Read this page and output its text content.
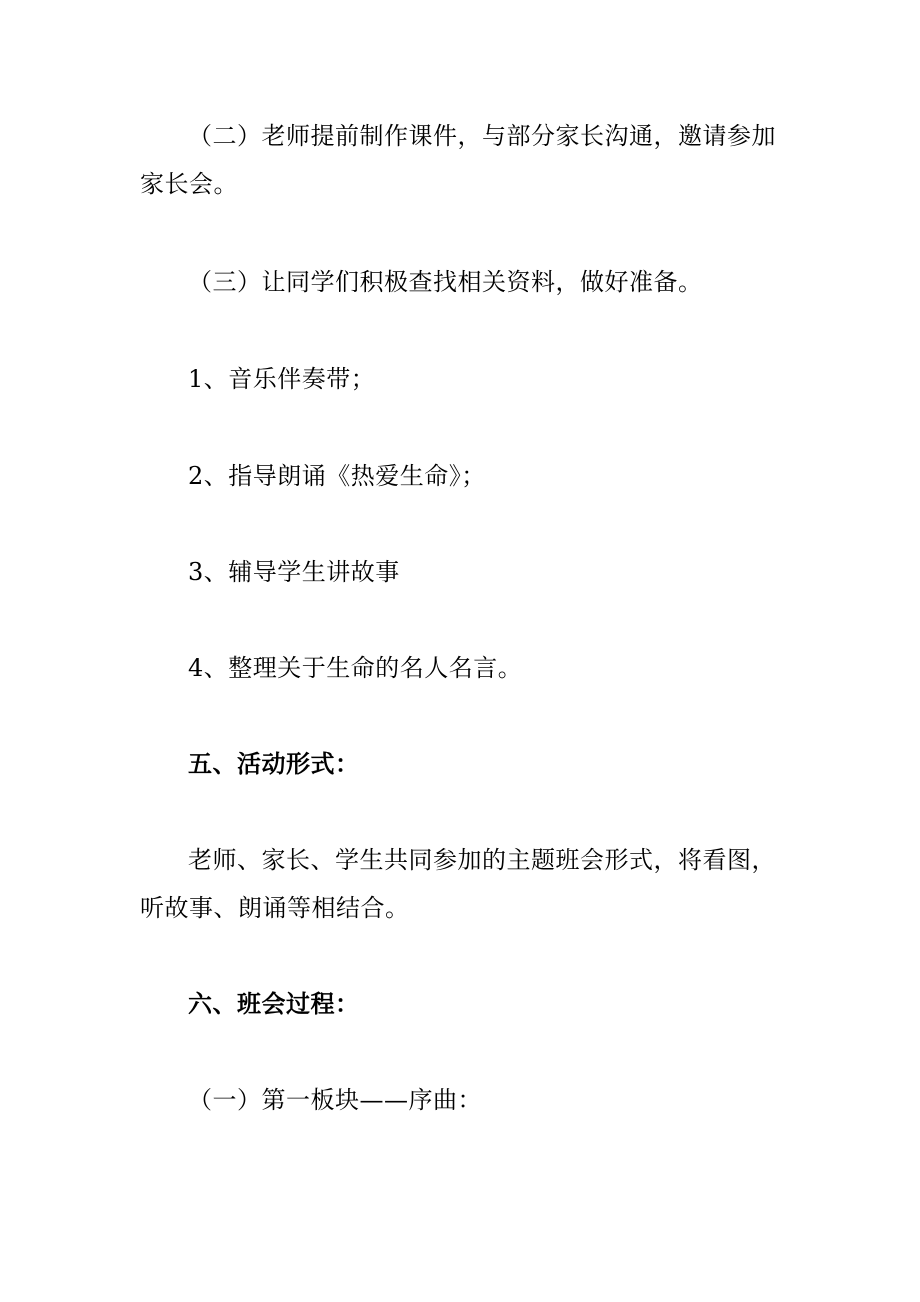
（二）老师提前制作课件，与部分家长沟通，邀请参加家长会。

（三）让同学们积极查找相关资料，做好准备。

1、音乐伴奏带；

2、指导朗诵《热爱生命》；

3、辅导学生讲故事

4、整理关于生命的名人名言。

五、活动形式：

老师、家长、学生共同参加的主题班会形式，将看图，听故事、朗诵等相结合。

六、班会过程：

（一）第一板块——序曲：
